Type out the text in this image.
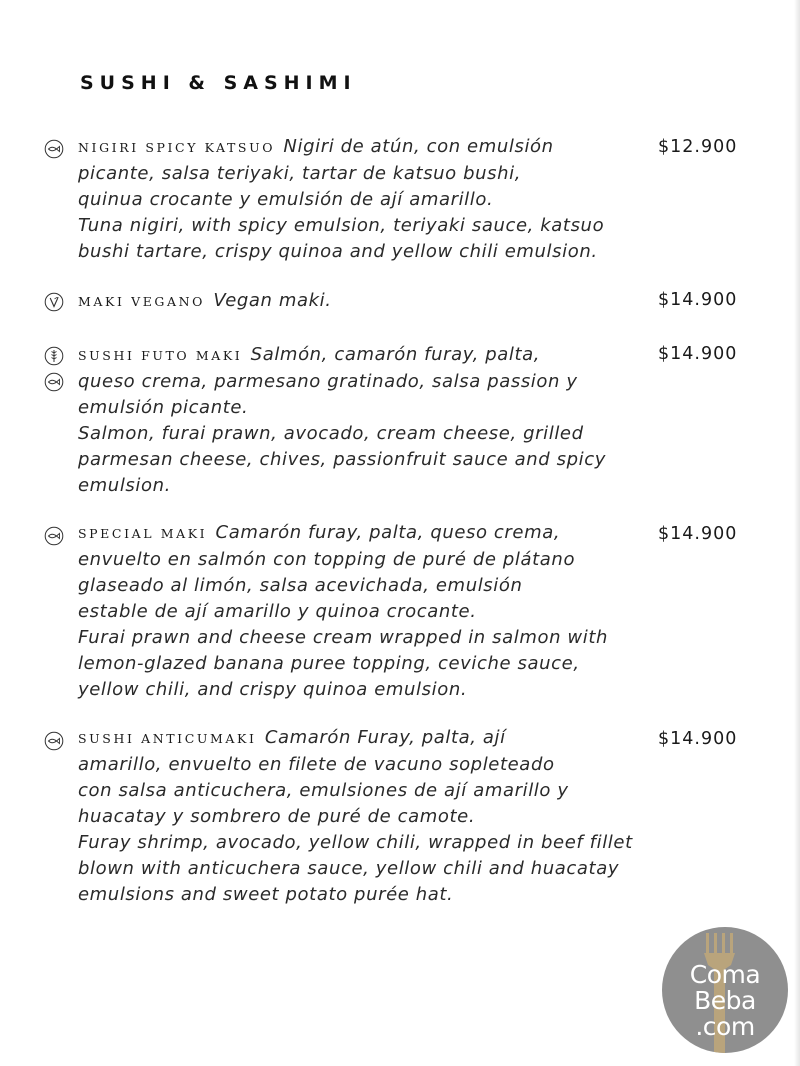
SUSHI & SASHIMI
NIGIRI SPICY KATSUO Nigiri de atún, con emulsión
picante, salsa teriyaki, tartar de katsuo bushi,
quinua crocante y emulsión de ají amarillo.
Tuna nigiri, with spicy emulsion, teriyaki sauce, katsuo
bushi tartare, crispy quinoa and yellow chili emulsion.
$12.900
MAKI VEGANO Vegan maki.	$14.900
SUSHI FUTO MAKI Salmón, camarón furay, palta,
queso crema, parmesano gratinado, salsa passion y
emulsión picante.
Salmon, furai prawn, avocado, cream cheese, grilled
parmesan cheese, chives, passionfruit sauce and spicy
emulsion.
$14.900
SPECIAL MAKI Camarón furay, palta, queso crema,
envuelto en salmón con topping de puré de plátano
glaseado al limón, salsa acevichada, emulsión
estable de ají amarillo y quinoa crocante.
Furai prawn and cheese cream wrapped in salmon with
lemon-glazed banana puree topping, ceviche sauce,
yellow chili, and crispy quinoa emulsion.
$14.900
SUSHI ANTICUMAKI Camarón Furay, palta, ají
amarillo, envuelto en filete de vacuno sopleteado
con salsa anticuchera, emulsiones de ají amarillo y
huacatay y sombrero de puré de camote.
Furay shrimp, avocado, yellow chili, wrapped in beef fillet
blown with anticuchera sauce, yellow chili and huacatay
emulsions and sweet potato purée hat.
$14.900
Coma
Beba
.com
